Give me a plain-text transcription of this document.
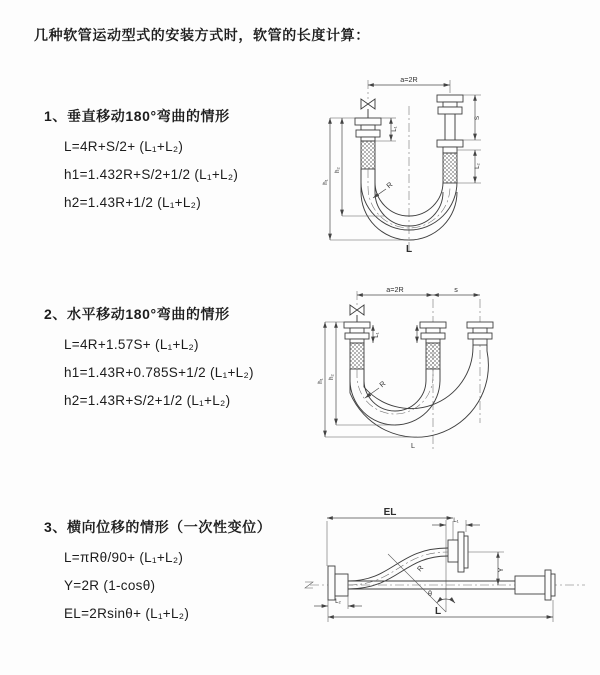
几种软管运动型式的安装方式时，软管的长度计算：
1、垂直移动180°弯曲的情形
L=4R+S/2+ (L₁+L₂)
h1=1.432R+S/2+1/2 (L₁+L₂)
h2=1.43R+1/2 (L₁+L₂)
2、水平移动180°弯曲的情形
L=4R+1.57S+ (L₁+L₂)
h1=1.43R+0.785S+1/2 (L₁+L₂)
h2=1.43R+S/2+1/2 (L₁+L₂)
3、横向位移的情形（一次性变位）
L=πRθ/90+ (L₁+L₂)
Y=2R (1-cosθ)
EL=2Rsinθ+ (L₁+L₂)
a=2R
h₁
h₂
L₁
S
L₂
R
L
a=2R	s
h₁
h₂
L₁
R
L
EL
L₁
Y
R
θ
L₂
L
